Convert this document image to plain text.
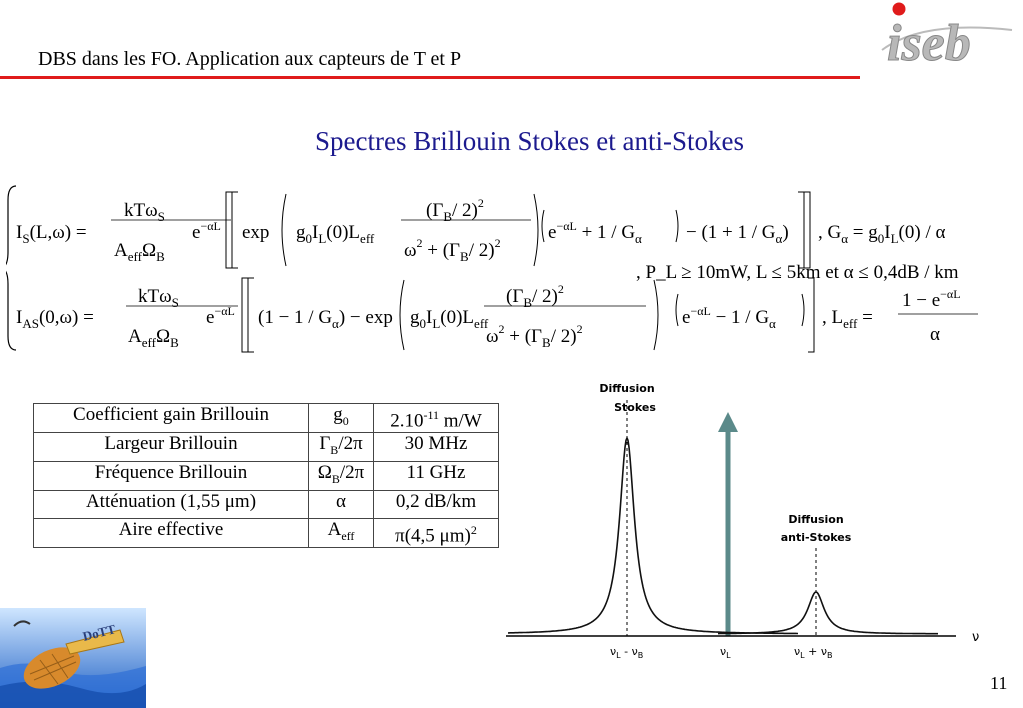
DBS dans les FO. Application aux capteurs de T et P	iseb
Spectres Brillouin Stokes et anti-Stokes
$I_S(L,\omega)$ =
kTω$_S$
$A_{eff}\Omega_B$
$e^{-\alpha L}$ $\exp g_0I_L(0)L_{eff}$
($\Gamma_B/$ 2)$^2$
$\omega^2 + (\Gamma_B/$ 2)$^2$ $e^{-\alpha L} + 1 / G_\alpha - (1 + 1 / G_\alpha)$ , $G_\alpha = g_0I_L(0) / \alpha$
, P_L ≥ 10mW, L ≤ 5km et α ≤ 0,4dB / km
$I_{AS}(0,\omega)$ =
kTω$_S$
$A_{eff}\Omega_B$
$e^{-\alpha L}$ $(1 - 1 / G_\alpha) - \exp g_0I_L(0)L_{eff}$
($\Gamma_B/$ 2)$^2$
$\omega^2 + (\Gamma_B/$ 2)$^2$
$e^{-\alpha L} - 1 / G_\alpha$ , $L_{eff}$ =
$1 - e^{-\alpha L}$
α
Coefficient gain Brillouin	$g_0$	$2.10^{-11}$ m/W
Largeur Brillouin	$\Gamma_B/2\pi$	30 MHz
Fréquence Brillouin	$\Omega_B/2\pi$	11 GHz
Atténuation (1,55 μm)	α	0,2 dB/km
Aire effective	$A_{eff}$	π(4,5 μm)$^2$
Diffusion
Stokes
Diffusion
anti-Stokes
ν
$\nu_L - \nu_B$	$\nu_L$	$\nu_L + \nu_B$
DoTT
11
